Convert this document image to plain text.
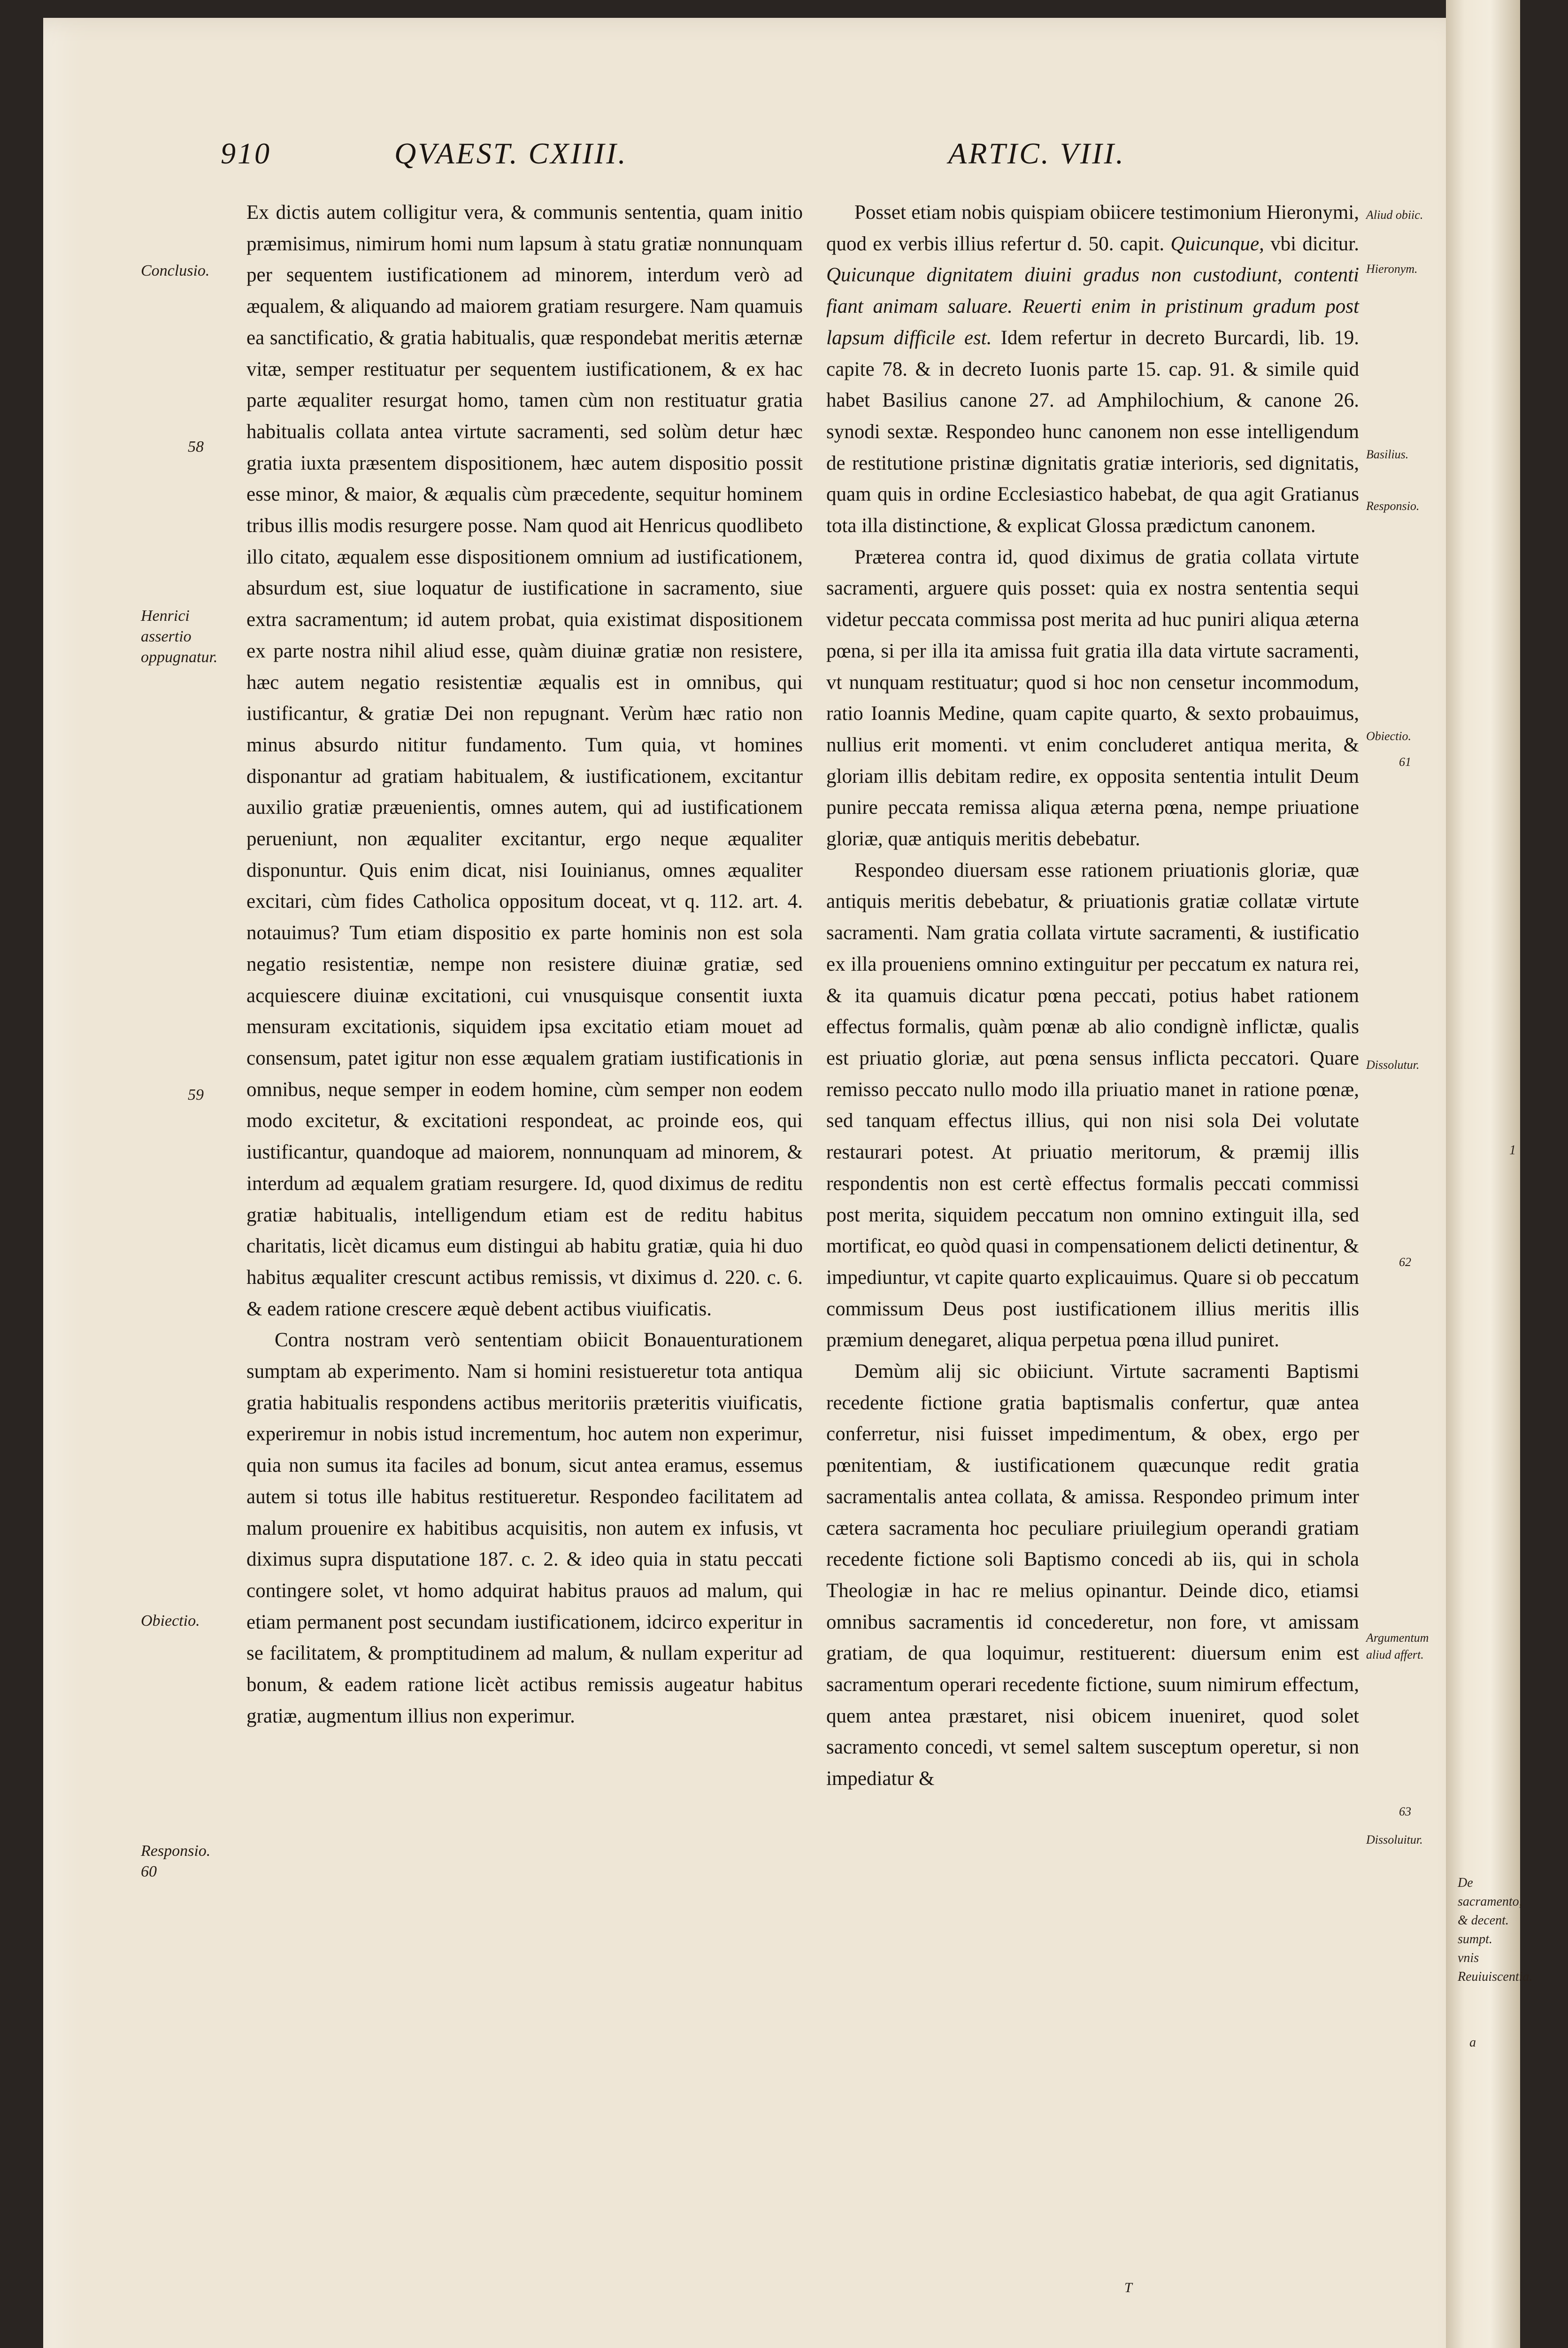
910	QVAEST. CXIIII.	ARTIC. VIII.
Conclusio.
58
Henrici assertio oppugnatur.
59
Obiectio.
Responsio. 60

Ex dictis autem colligitur vera, & communis sententia, quam initio præmisimus, nimirum homi num lapsum à statu gratiæ nonnunquam per sequentem iustificationem ad minorem, interdum verò ad æqualem, & aliquando ad maiorem gratiam resurgere. Nam quamuis ea sanctificatio, & gratia habitualis, quæ respondebat meritis æternæ vitæ, semper restituatur per sequentem iustificationem, & ex hac parte æqualiter resurgat homo, tamen cùm non restituatur gratia habitualis collata antea virtute sacramenti, sed solùm detur hæc gratia iuxta præsentem dispositionem, hæc autem dispositio possit esse minor, & maior, & æqualis cùm præcedente, sequitur hominem tribus illis modis resurgere posse. Nam quod ait Henricus quodlibeto illo citato, æqualem esse dispositionem omnium ad iustificationem, absurdum est, siue loquatur de iustificatione in sacramento, siue extra sacramentum; id autem probat, quia existimat dispositionem ex parte nostra nihil aliud esse, quàm diuinæ gratiæ non resistere, hæc autem negatio resistentiæ æqualis est in omnibus, qui iustificantur, & gratiæ Dei non repugnant. Verùm hæc ratio non minus absurdo nititur fundamento. Tum quia, vt homines disponantur ad gratiam habitualem, & iustificationem, excitantur auxilio gratiæ præuenientis, omnes autem, qui ad iustificationem perueniunt, non æqualiter excitantur, ergo neque æqualiter disponuntur. Quis enim dicat, nisi Iouinianus, omnes æqualiter excitari, cùm fides Catholica oppositum doceat, vt q. 112. art. 4. notauimus? Tum etiam dispositio ex parte hominis non est sola negatio resistentiæ, nempe non resistere diuinæ gratiæ, sed acquiescere diuinæ excitationi, cui vnusquisque consentit iuxta mensuram excitationis, siquidem ipsa excitatio etiam mouet ad consensum, patet igitur non esse æqualem gratiam iustificationis in omnibus, neque semper in eodem homine, cùm semper non eodem modo excitetur, & excitationi respondeat, ac proinde eos, qui iustificantur, quandoque ad maiorem, nonnunquam ad minorem, & interdum ad æqualem gratiam resurgere. Id, quod diximus de reditu gratiæ habitualis, intelligendum etiam est de reditu habitus charitatis, licèt dicamus eum distingui ab habitu gratiæ, quia hi duo habitus æqualiter crescunt actibus remissis, vt diximus d. 220. c. 6. & eadem ratione crescere æquè debent actibus viuificatis.

Contra nostram verò sententiam obiicit Bonauenturationem sumptam ab experimento. Nam si homini resistueretur tota antiqua gratia habitualis respondens actibus meritoriis præteritis viuificatis, experiremur in nobis istud incrementum, hoc autem non experimur, quia non sumus ita faciles ad bonum, sicut antea eramus, essemus autem si totus ille habitus restitueretur. Respondeo facilitatem ad malum prouenire ex habitibus acquisitis, non autem ex infusis, vt diximus supra disputatione 187. c. 2. & ideo quia in statu peccati contingere solet, vt homo adquirat habitus prauos ad malum, qui etiam permanent post secundam iustificationem, idcirco experitur in se facilitatem, & promptitudinem ad malum, & nullam experitur ad bonum, & eadem ratione licèt actibus remissis augeatur habitus gratiæ, augmentum illius non experimur.

Posset etiam nobis quispiam obiicere testimonium Hieronymi, quod ex verbis illius refertur d. 50. capit. Quicunque, vbi dicitur. Quicunque dignitatem diuini gradus non custodiunt, contenti fiant animam saluare. Reuerti enim in pristinum gradum post lapsum difficile est. Idem refertur in decreto Burcardi, lib. 19. capite 78. & in decreto Iuonis parte 15. cap. 91. & simile quid habet Basilius canone 27. ad Amphilochium, & canone 26. synodi sextæ. Respondeo hunc canonem non esse intelligendum de restitutione pristinæ dignitatis gratiæ interioris, sed dignitatis, quam quis in ordine Ecclesiastico habebat, de qua agit Gratianus tota illa distinctione, & explicat Glossa prædictum canonem.

Præterea contra id, quod diximus de gratia collata virtute sacramenti, arguere quis posset: quia ex nostra sententia sequi videtur peccata commissa post merita ad huc puniri aliqua æterna pœna, si per illa ita amissa fuit gratia illa data virtute sacramenti, vt nunquam restituatur; quod si hoc non censetur incommodum, ratio Ioannis Medine, quam capite quarto, & sexto probauimus, nullius erit momenti. vt enim concluderet antiqua merita, & gloriam illis debitam redire, ex opposita sententia intulit Deum punire peccata remissa aliqua æterna pœna, nempe priuatione gloriæ, quæ antiquis meritis debebatur.

Respondeo diuersam esse rationem priuationis gloriæ, quæ antiquis meritis debebatur, & priuationis gratiæ collatæ virtute sacramenti. Nam gratia collata virtute sacramenti, & iustificatio ex illa proueniens omnino extinguitur per peccatum ex natura rei, & ita quamuis dicatur pœna peccati, potius habet rationem effectus formalis, quàm pœnæ ab alio condignè inflictæ, qualis est priuatio gloriæ, aut pœna sensus inflicta peccatori. Quare remisso peccato nullo modo illa priuatio manet in ratione pœnæ, sed tanquam effectus illius, qui non nisi sola Dei volutate restaurari potest. At priuatio meritorum, & præmij illis respondentis non est certè effectus formalis peccati commissi post merita, siquidem peccatum non omnino extinguit illa, sed mortificat, eo quòd quasi in compensationem delicti detinentur, & impediuntur, vt capite quarto explicauimus. Quare si ob peccatum commissum Deus post iustificationem illius meritis illis præmium denegaret, aliqua perpetua pœna illud puniret.

Demùm alij sic obiiciunt. Virtute sacramenti Baptismi recedente fictione gratia baptismalis confertur, quæ antea conferretur, nisi fuisset impedimentum, & obex, ergo per pœnitentiam, & iustificationem quæcunque redit gratia sacramentalis antea collata, & amissa. Respondeo primum inter cætera sacramenta hoc peculiare priuilegium operandi gratiam recedente fictione soli Baptismo concedi ab iis, qui in schola Theologiæ in hac re melius opinantur. Deinde dico, etiamsi omnibus sacramentis id concederetur, non fore, vt amissam gratiam, de qua loquimur, restituerent: diuersum enim est sacramentum operari recedente fictione, suum nimirum effectum, quem antea præstaret, nisi obicem inueniret, quod solet sacramento concedi, vt semel saltem susceptum operetur, si non impediatur &

Aliud obiic.
Hieronym.
Basilius.
Responsio.
Obiectio.
61
Dissolutur.
62
Argumentum aliud affert.
63
Dissoluitur.
De sacramento, & decent. sumpt. vnis Reuiuiscentia.
1
a
T
